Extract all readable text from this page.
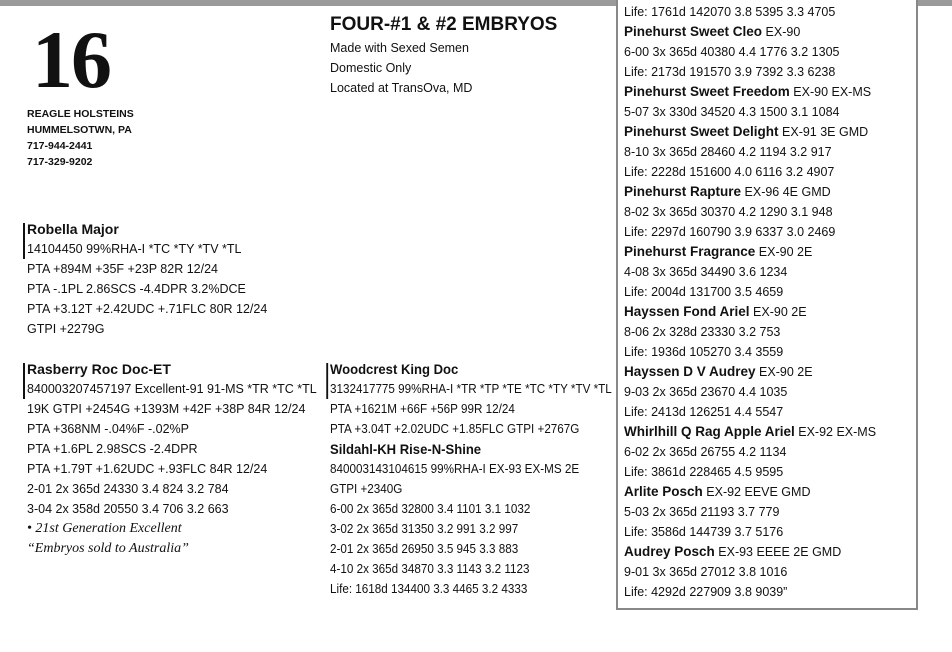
16
REAGLE HOLSTEINS
HUMMELSOTWN, PA
717-944-2441
717-329-9202
FOUR-#1 & #2 EMBRYOS
Made with Sexed Semen
Domestic Only
Located at TransOva, MD
Robella Major
14104450 99%RHA-I *TC *TY *TV *TL
PTA +894M +35F +23P 82R 12/24
PTA -.1PL 2.86SCS -4.4DPR 3.2%DCE
PTA +3.12T +2.42UDC +.71FLC 80R 12/24
GTPI +2279G
Rasberry Roc Doc-ET
840003207457197 Excellent-91 91-MS *TR *TC *TL
19K GTPI +2454G +1393M +42F +38P 84R 12/24
PTA +368NM -.04%F -.02%P
PTA +1.6PL 2.98SCS -2.4DPR
PTA +1.79T +1.62UDC +.93FLC 84R 12/24
2-01 2x 365d 24330 3.4 824 3.2 784
3-04 2x 358d 20550 3.4 706 3.2 663
• 21st Generation Excellent
“Embryos sold to Australia”
Woodcrest King Doc
3132417775 99%RHA-I *TR *TP *TE *TC *TY *TV *TL
PTA +1621M +66F +56P 99R 12/24
PTA +3.04T +2.02UDC +1.85FLC GTPI +2767G
Sildahl-KH Rise-N-Shine
840003143104615 99%RHA-I EX-93 EX-MS 2E
GTPI +2340G
6-00 2x 365d 32800 3.4 1101 3.1 1032
3-02 2x 365d 31350 3.2 991 3.2 997
2-01 2x 365d 26950 3.5 945 3.3 883
4-10 2x 365d 34870 3.3 1143 3.2 1123
Life: 1618d 134400 3.3 4465 3.2 4333
Life: 1761d 142070 3.8 5395 3.3 4705
Pinehurst Sweet Cleo EX-90
6-00 3x 365d 40380 4.4 1776 3.2 1305
Life: 2173d 191570 3.9 7392 3.3 6238
Pinehurst Sweet Freedom EX-90 EX-MS
5-07 3x 330d 34520 4.3 1500 3.1 1084
Pinehurst Sweet Delight EX-91 3E GMD
8-10 3x 365d 28460 4.2 1194 3.2 917
Life: 2228d 151600 4.0 6116 3.2 4907
Pinehurst Rapture EX-96 4E GMD
8-02 3x 365d 30370 4.2 1290 3.1 948
Life: 2297d 160790 3.9 6337 3.0 2469
Pinehurst Fragrance EX-90 2E
4-08 3x 365d 34490 3.6 1234
Life: 2004d 131700 3.5 4659
Hayssen Fond Ariel EX-90 2E
8-06 2x 328d 23330 3.2 753
Life: 1936d 105270 3.4 3559
Hayssen D V Audrey EX-90 2E
9-03 2x 365d 23670 4.4 1035
Life: 2413d 126251 4.4 5547
Whirlhill Q Rag Apple Ariel EX-92 EX-MS
6-02 2x 365d 26755 4.2 1134
Life: 3861d 228465 4.5 9595
Arlite Posch EX-92 EEVE GMD
5-03 2x 365d 21193 3.7 779
Life: 3586d 144739 3.7 5176
Audrey Posch EX-93 EEEE 2E GMD
9-01 3x 365d 27012 3.8 1016
Life: 4292d 227909 3.8 9039”
